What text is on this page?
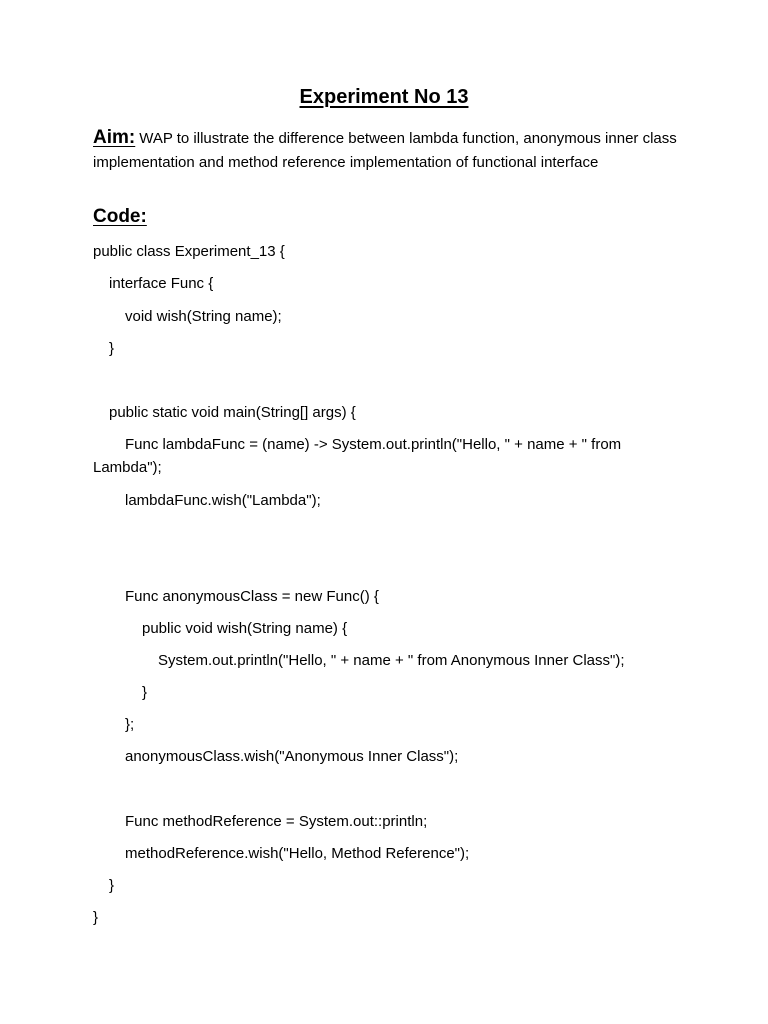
Experiment No 13
Aim: WAP to illustrate the difference between lambda function, anonymous inner class implementation and method reference implementation of functional interface
Code:
public class Experiment_13 {
interface Func {
void wish(String name);
}
public static void main(String[] args) {
Func lambdaFunc = (name) -> System.out.println("Hello, " + name + " from Lambda");
lambdaFunc.wish("Lambda");
Func anonymousClass = new Func() {
public void wish(String name) {
System.out.println("Hello, " + name + " from Anonymous Inner Class");
}
};
anonymousClass.wish("Anonymous Inner Class");
Func methodReference = System.out::println;
methodReference.wish("Hello, Method Reference");
}
}
